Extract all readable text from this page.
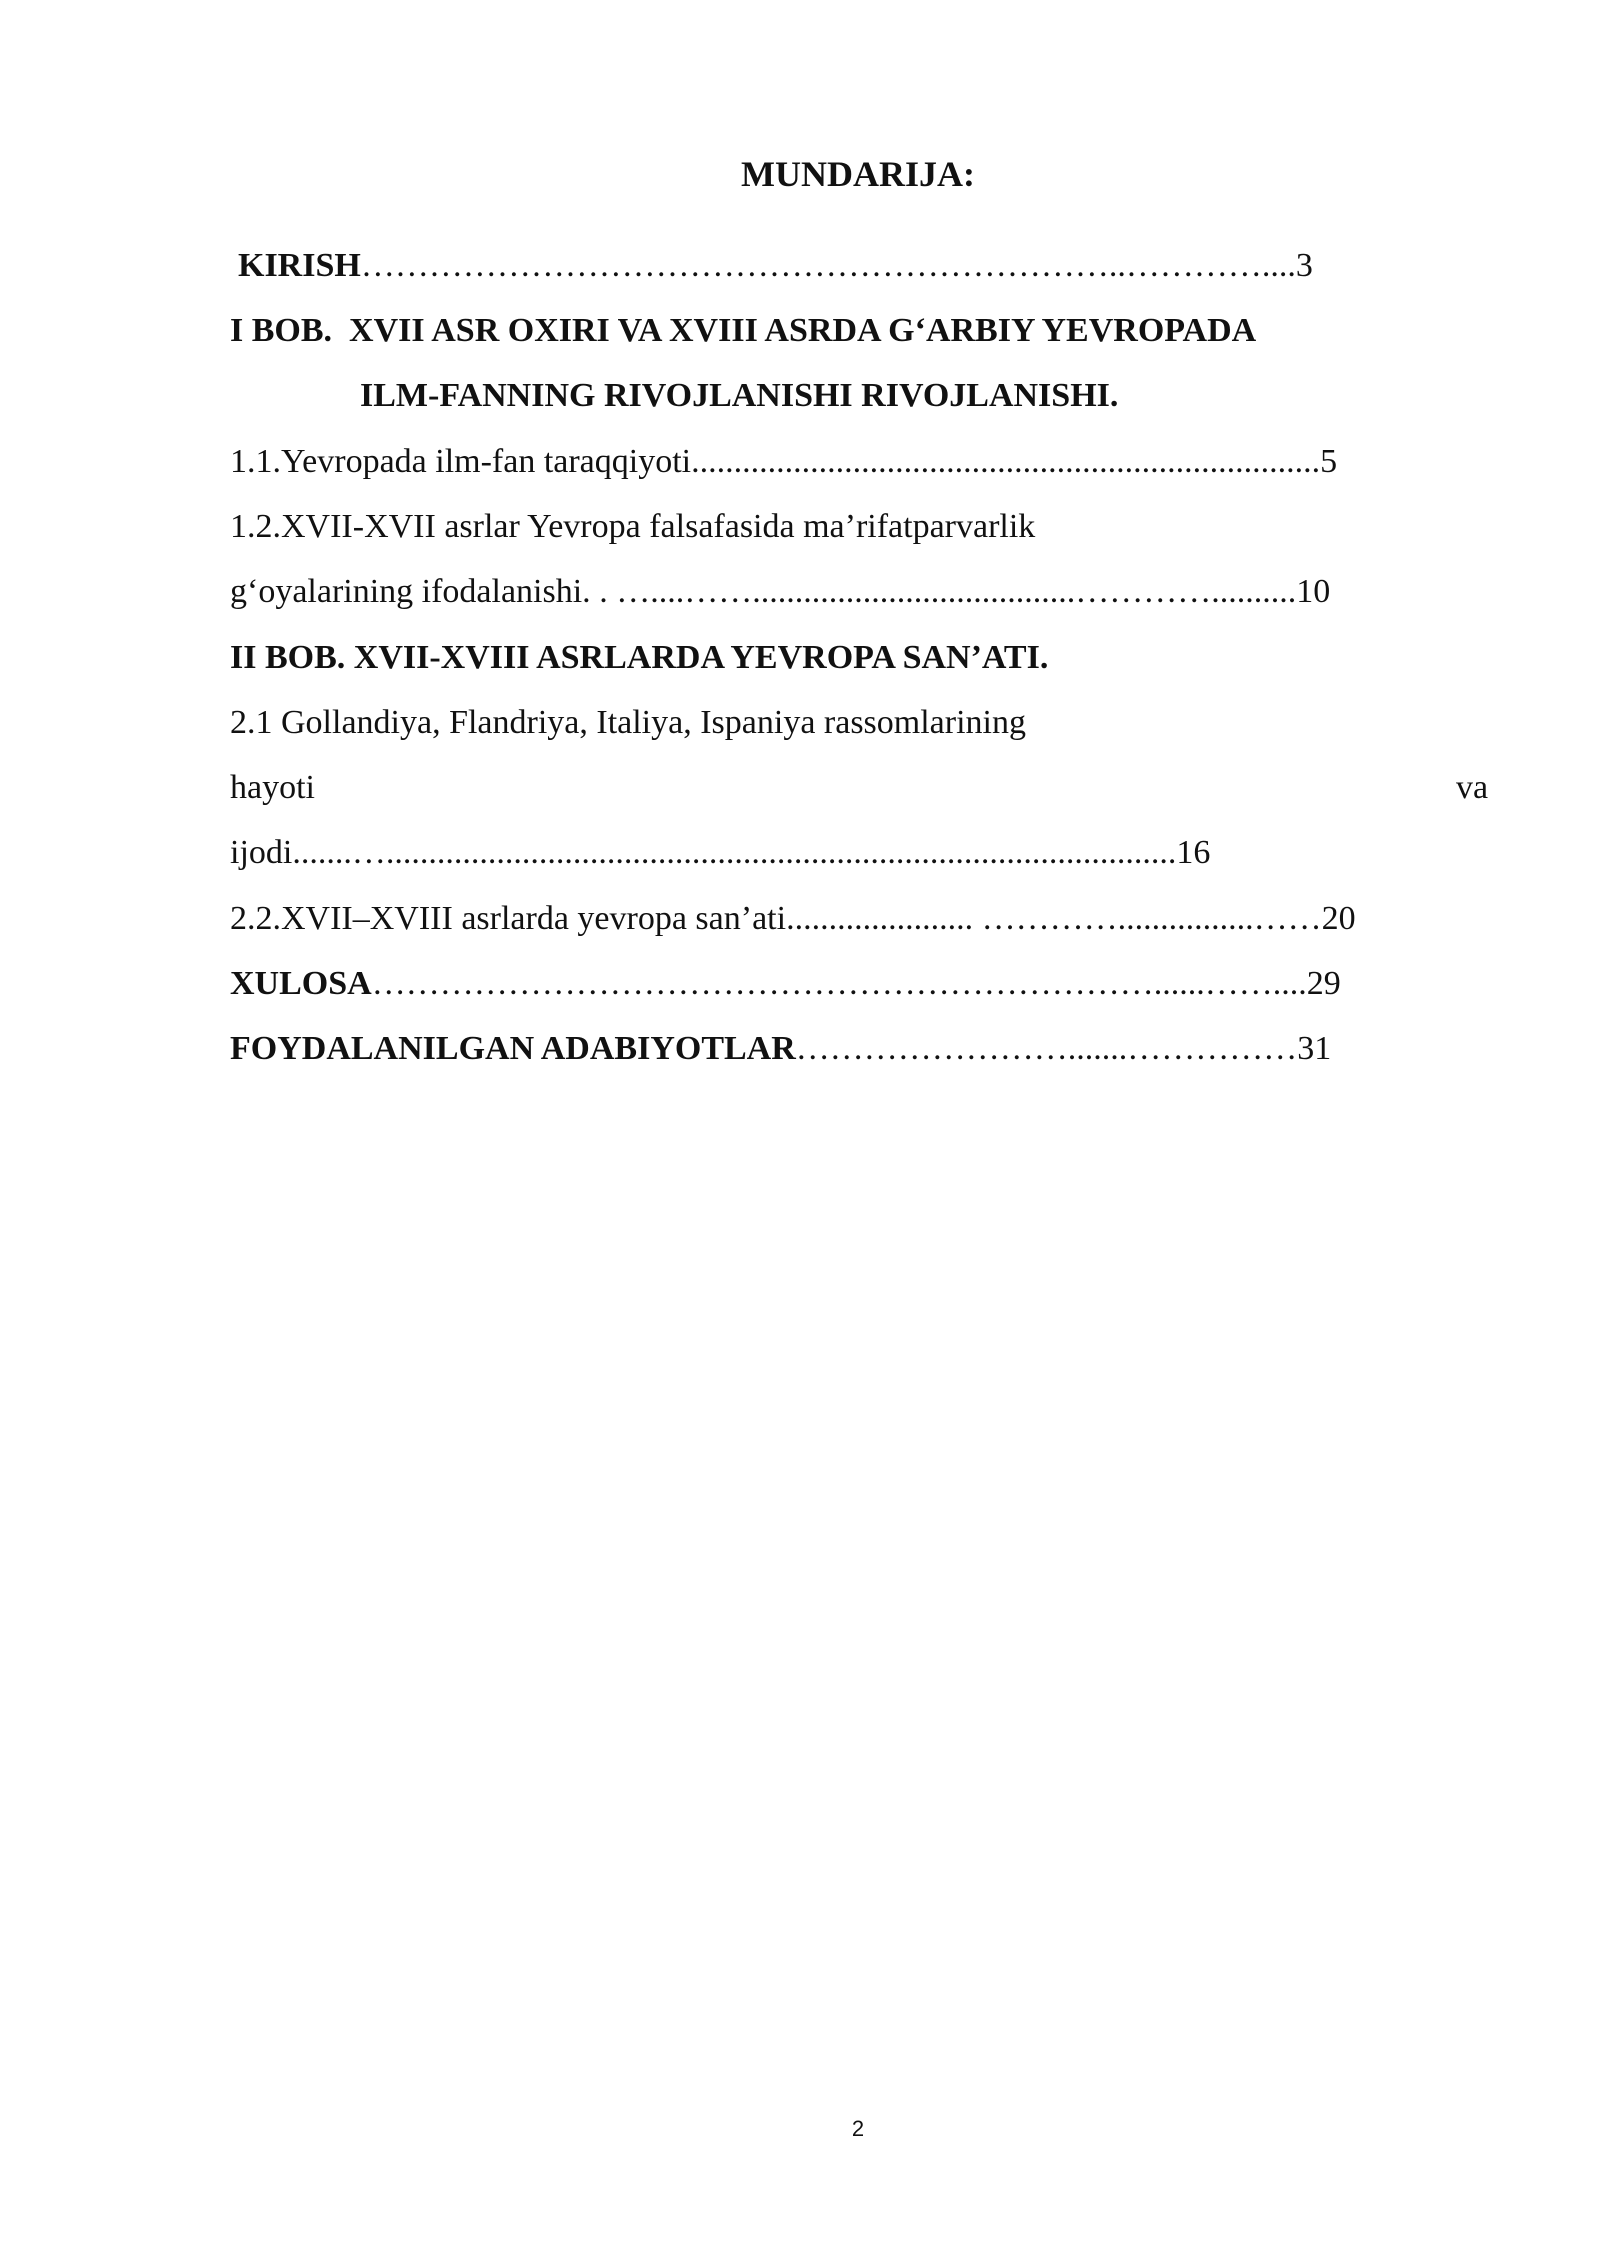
MUNDARIJA:
KIRISH…………………………………………………………..…………....3
I BOB.  XVII ASR OXIRI VA XVIII ASRDA G‘ARBIY YEVROPADA
ILM-FANNING RIVOJLANISHI RIVOJLANISHI.
1.1.Yevropada ilm-fan taraqqiyoti..........................................................................5
1.2.XVII-XVII asrlar Yevropa falsafasida ma’rifatparvarlik
g‘oyalarining ifodalanishi. . …....……......................................…………..........10
II BOB. XVII-XVIII ASRLARDA YEVROPA SAN’ATI.
2.1 Gollandiya, Flandriya, Italiya, Ispaniya rassomlarining
hayoti	va
ijodi.......….............................................................................................16
2.2.XVII–XVIII asrlarda yevropa san’ati...................... …………................……20
XULOSA……………………………………………………………......……....29
FOYDALANILGAN ADABIYOTLAR…………………….......……………31
2
